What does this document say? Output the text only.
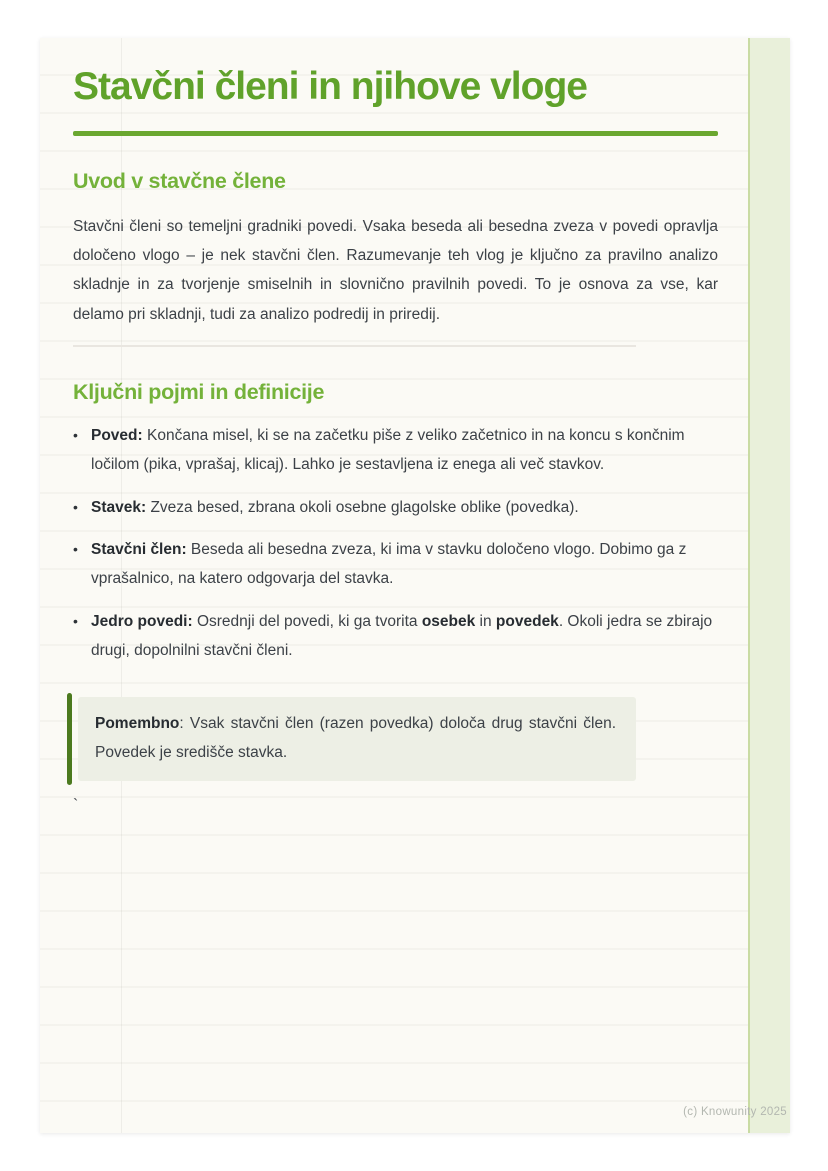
Stavčni členi in njihove vloge
Uvod v stavčne člene

Stavčni členi so temeljni gradniki povedi. Vsaka beseda ali besedna zveza v povedi opravlja določeno vlogo – je nek stavčni člen. Razumevanje teh vlog je ključno za pravilno analizo skladnje in za tvorjenje smiselnih in slovnično pravilnih povedi. To je osnova za vse, kar delamo pri skladnji, tudi za analizo podredij in priredij.

Ključni pojmi in definicije
• Poved: Končana misel, ki se na začetku piše z veliko začetnico in na koncu s končnim ločilom (pika, vprašaj, klicaj). Lahko je sestavljena iz enega ali več stavkov.
• Stavek: Zveza besed, zbrana okoli osebne glagolske oblike (povedka).
• Stavčni člen: Beseda ali besedna zveza, ki ima v stavku določeno vlogo. Dobimo ga z vprašalnico, na katero odgovarja del stavka.
• Jedro povedi: Osrednji del povedi, ki ga tvorita osebek in povedek. Okoli jedra se zbirajo drugi, dopolnilni stavčni členi.

Pomembno: Vsak stavčni člen (razen povedka) določa drug stavčni člen. Povedek je središče stavka.

`
(c) Knowunity 2025
